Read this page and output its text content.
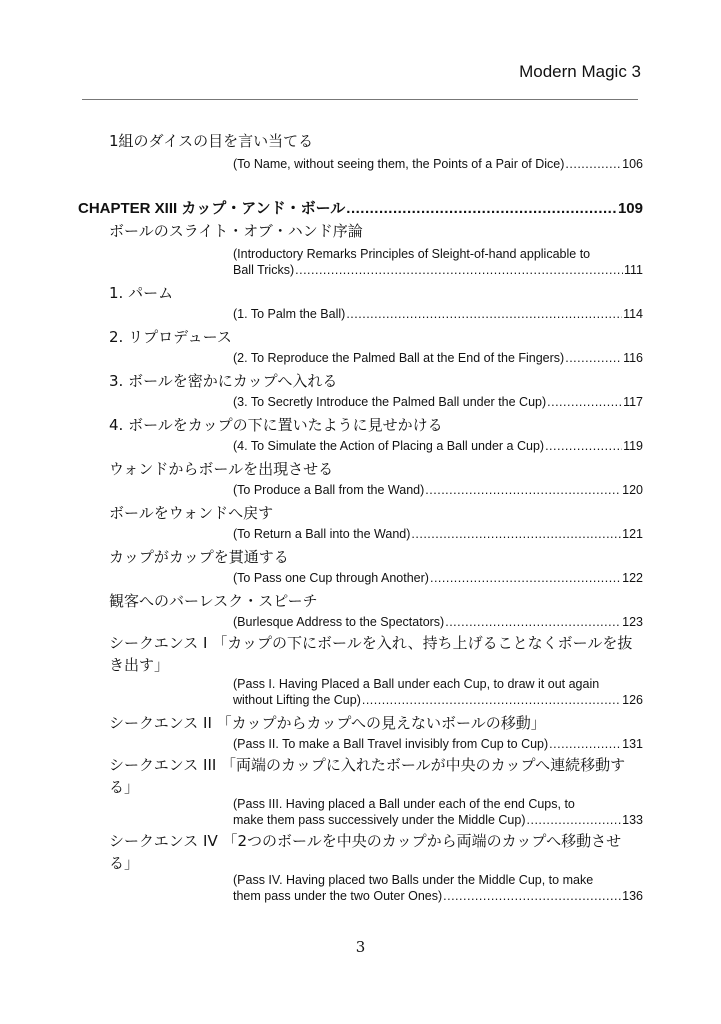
Modern Magic 3
1組のダイスの目を言い当てる
(To Name, without seeing them, the Points of a Pair of Dice) .....	106
CHAPTER XIII カップ・アンド・ボール .....	109
ボールのスライト・オブ・ハンド序論
(Introductory Remarks Principles of Sleight-of-hand applicable to
Ball Tricks) .....	111
1. パーム
(1. To Palm the Ball) .....	114
2. リプロデュース
(2. To Reproduce the Palmed Ball at the End of the Fingers) .....	116
3. ボールを密かにカップへ入れる
(3. To Secretly Introduce the Palmed Ball under the Cup) .....	117
4. ボールをカップの下に置いたように見せかける
(4. To Simulate the Action of Placing a Ball under a Cup) .....	119
ウォンドからボールを出現させる
(To Produce a Ball from the Wand) .....	120
ボールをウォンドへ戻す
(To Return a Ball into the Wand) .....	121
カップがカップを貫通する
(To Pass one Cup through Another) .....	122
観客へのバーレスク・スピーチ
(Burlesque Address to the Spectators) .....	123
シークエンス I 「カップの下にボールを入れ、持ち上げることなくボールを抜き出す」
(Pass I. Having Placed a Ball under each Cup, to draw it out again
without Lifting the Cup) .....	126
シークエンス II 「カップからカップへの見えないボールの移動」
(Pass II. To make a Ball Travel invisibly from Cup to Cup) .....	131
シークエンス III 「両端のカップに入れたボールが中央のカップへ連続移動する」
(Pass III. Having placed a Ball under each of the end Cups, to
make them pass successively under the Middle Cup) .....	133
シークエンス IV 「2つのボールを中央のカップから両端のカップへ移動させる」
(Pass IV. Having placed two Balls under the Middle Cup, to make
them pass under the two Outer Ones) .....	136
3
